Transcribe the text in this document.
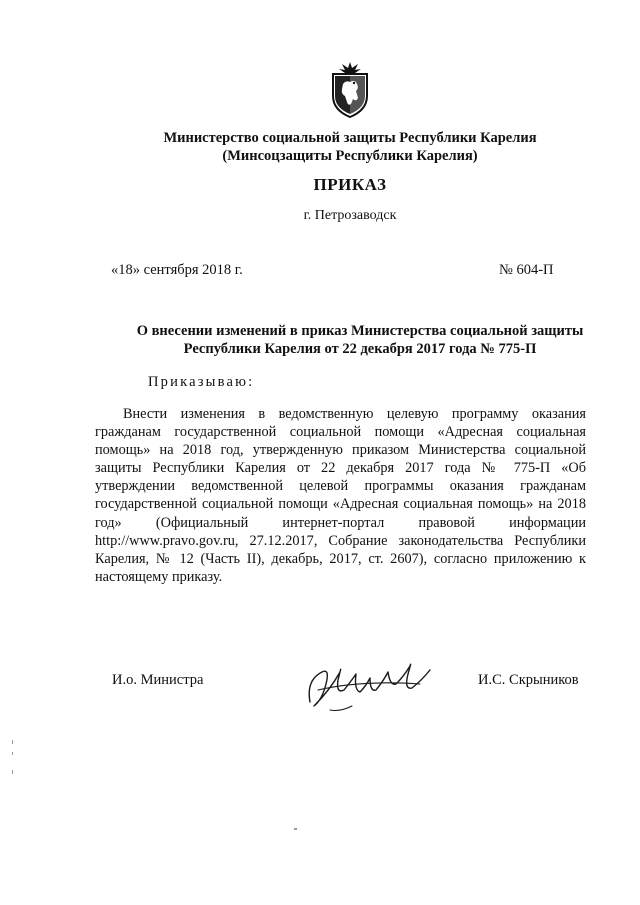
Министерство социальной защиты Республики Карелия
(Минсоцзащиты Республики Карелия)
ПРИКАЗ
г. Петрозаводск
«18» сентября 2018 г.	№ 604-П
О внесении изменений в приказ Министерства социальной защиты
Республики Карелия от 22 декабря 2017 года № 775-П
Приказываю:

Внести изменения в ведомственную целевую программу оказания гражданам государственной социальной помощи «Адресная социальная помощь» на 2018 год, утвержденную приказом Министерства социальной защиты Республики Карелия от 22 декабря 2017 года № 775-П «Об утверждении ведомственной целевой программы оказания гражданам государственной социальной помощи «Адресная социальная помощь» на 2018 год» (Официальный интернет-портал правовой информации http://www.pravo.gov.ru, 27.12.2017, Собрание законодательства Республики Карелия, № 12 (Часть II), декабрь, 2017, ст. 2607), согласно приложению к настоящему приказу.

И.о. Министра	И.С. Скрыников
